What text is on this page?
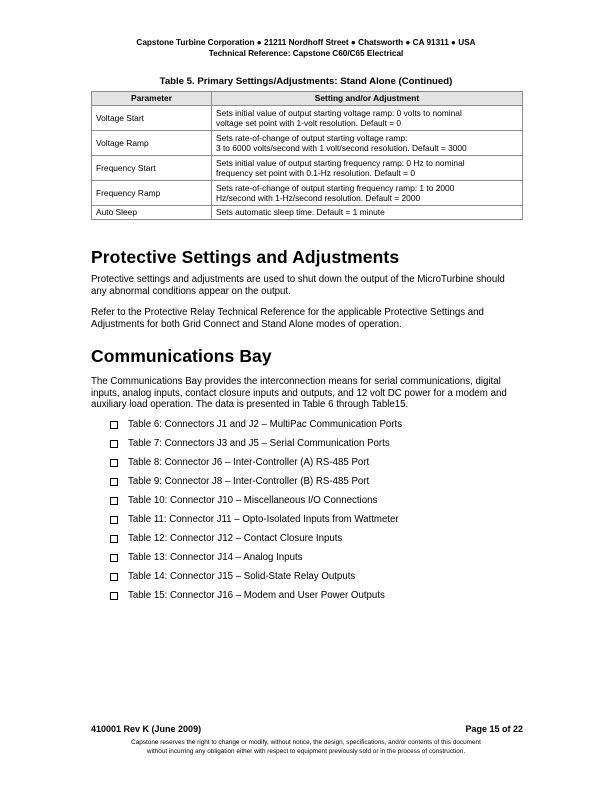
Capstone Turbine Corporation ● 21211 Nordhoff Street ● Chatsworth ● CA 91311 ● USA
Technical Reference: Capstone C60/C65 Electrical
Table 5. Primary Settings/Adjustments: Stand Alone (Continued)
Parameter	Setting and/or Adjustment
Voltage Start	Sets initial value of output starting voltage ramp: 0 volts to nominal
voltage set point with 1-volt resolution. Default = 0

Voltage Ramp	Sets rate-of-change of output starting voltage ramp:
3 to 6000 volts/second with 1 volt/second resolution. Default = 3000

Frequency Start	Sets initial value of output starting frequency ramp: 0 Hz to nominal
frequency set point with 0.1-Hz resolution. Default = 0

Frequency Ramp	Sets rate-of-change of output starting frequency ramp: 1 to 2000
Hz/second with 1-Hz/second resolution. Default = 2000

Auto Sleep	Sets automatic sleep time. Default = 1 minute
Protective Settings and Adjustments

Protective settings and adjustments are used to shut down the output of the MicroTurbine should any abnormal conditions appear on the output.

Refer to the Protective Relay Technical Reference for the applicable Protective Settings and Adjustments for both Grid Connect and Stand Alone modes of operation.

Communications Bay

The Communications Bay provides the interconnection means for serial communications, digital inputs, analog inputs, contact closure inputs and outputs, and 12 volt DC power for a modem and auxiliary load operation. The data is presented in Table 6 through Table15.

Table 6: Connectors J1 and J2 – MultiPac Communication Ports
Table 7: Connectors J3 and J5 – Serial Communication Ports
Table 8: Connector J6 – Inter-Controller (A) RS-485 Port
Table 9: Connector J8 – Inter-Controller (B) RS-485 Port
Table 10: Connector J10 – Miscellaneous I/O Connections
Table 11: Connector J11 – Opto-Isolated Inputs from Wattmeter
Table 12: Connector J12 – Contact Closure Inputs
Table 13: Connector J14 – Analog Inputs
Table 14: Connector J15 – Solid-State Relay Outputs
Table 15: Connector J16 – Modem and User Power Outputs
410001 Rev K (June 2009)	Page 15 of 22
Capstone reserves the right to change or modify, without notice, the design, specifications, and/or contents of this document
without incurring any obligation either with respect to equipment previously sold or in the process of construction.
